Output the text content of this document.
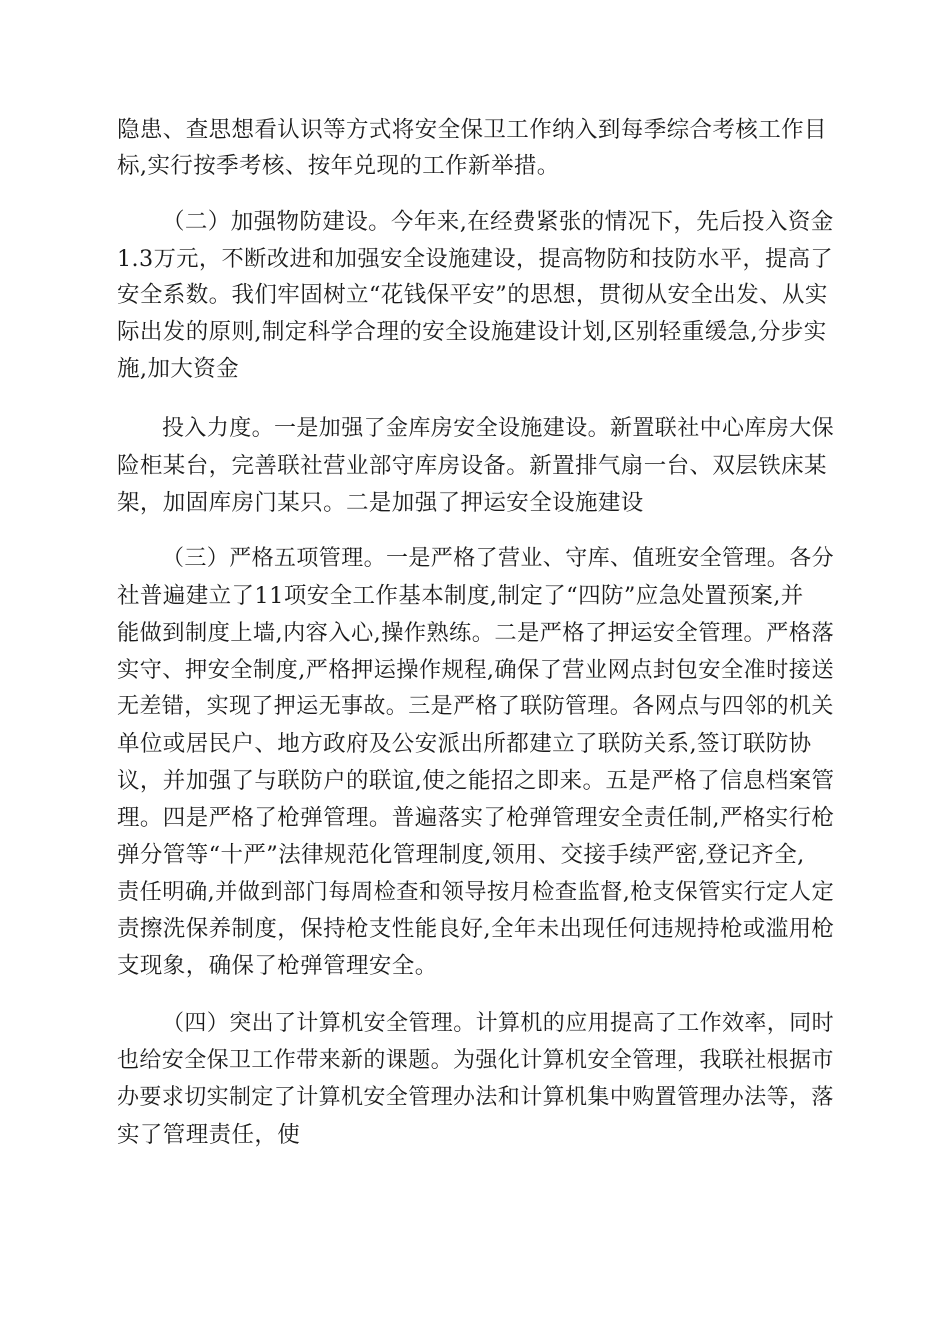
隐患、查思想看认识等方式将安全保卫工作纳入到每季综合考核工作目

标,实行按季考核、按年兑现的工作新举措。

（二）加强物防建设。今年来,在经费紧张的情况下，先后投入资金

1.3万元，不断改进和加强安全设施建设，提高物防和技防水平，提高了

安全系数。我们牢固树立“花钱保平安”的思想，贯彻从安全出发、从实

际出发的原则,制定科学合理的安全设施建设计划,区别轻重缓急,分步实

施,加大资金

投入力度。一是加强了金库房安全设施建设。新置联社中心库房大保

险柜某台，完善联社营业部守库房设备。新置排气扇一台、双层铁床某

架，加固库房门某只。二是加强了押运安全设施建设

（三）严格五项管理。一是严格了营业、守库、值班安全管理。各分

社普遍建立了11项安全工作基本制度,制定了“四防”应急处置预案,并

能做到制度上墙,内容入心,操作熟练。二是严格了押运安全管理。严格落

实守、押安全制度,严格押运操作规程,确保了营业网点封包安全准时接送

无差错，实现了押运无事故。三是严格了联防管理。各网点与四邻的机关

单位或居民户、地方政府及公安派出所都建立了联防关系,签订联防协

议，并加强了与联防户的联谊,使之能招之即来。五是严格了信息档案管

理。四是严格了枪弹管理。普遍落实了枪弹管理安全责任制,严格实行枪

弹分管等“十严”法律规范化管理制度,领用、交接手续严密,登记齐全,

责任明确,并做到部门每周检查和领导按月检查监督,枪支保管实行定人定

责擦洗保养制度，保持枪支性能良好,全年未出现任何违规持枪或滥用枪

支现象，确保了枪弹管理安全。

（四）突出了计算机安全管理。计算机的应用提高了工作效率，同时

也给安全保卫工作带来新的课题。为强化计算机安全管理，我联社根据市

办要求切实制定了计算机安全管理办法和计算机集中购置管理办法等，落

实了管理责任，使
